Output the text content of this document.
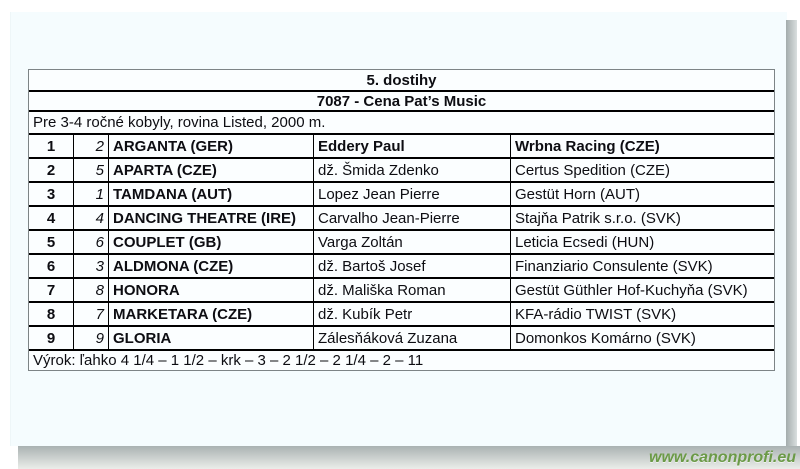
5. dostihy				
7087 - Cena Pat’s Music				
Pre 3-4 ročné kobyly, rovina Listed, 2000 m.				
1	2	ARGANTA (GER)	Eddery Paul	Wrbna Racing (CZE)
2	5	APARTA (CZE)	dž. Šmida Zdenko	Certus Spedition (CZE)
3	1	TAMDANA (AUT)	Lopez Jean Pierre	Gestüt Horn (AUT)
4	4	DANCING THEATRE (IRE)	Carvalho Jean-Pierre	Stajňa Patrik s.r.o. (SVK)
5	6	COUPLET (GB)	Varga Zoltán	Leticia Ecsedi (HUN)
6	3	ALDMONA (CZE)	dž. Bartoš Josef	Finanziario Consulente (SVK)
7	8	HONORA	dž. Mališka Roman	Gestüt Güthler Hof-Kuchyňa (SVK)
8	7	MARKETARA (CZE)	dž. Kubík Petr	KFA-rádio TWIST (SVK)
9	9	GLORIA	Zálesňáková Zuzana	Domonkos Komárno (SVK)
Výrok: ľahko 4 1/4 – 1 1/2 – krk – 3 – 2 1/2 – 2 1/4 – 2 – 11				
www.canonprofi.eu
